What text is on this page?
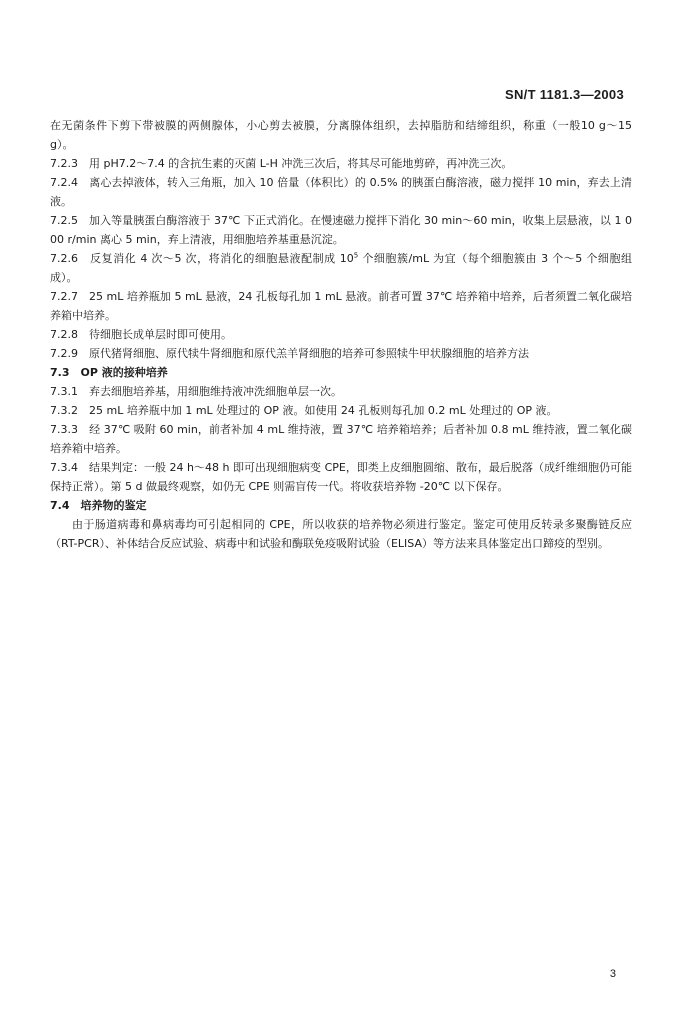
SN/T 1181.3—2003

在无菌条件下剪下带被膜的两侧腺体，小心剪去被膜，分离腺体组织，去掉脂肪和结缔组织，称重（一般10 g～15 g）。

7.2.3　用 pH7.2～7.4 的含抗生素的灭菌 L-H 冲洗三次后，将其尽可能地剪碎，再冲洗三次。

7.2.4　离心去掉液体，转入三角瓶，加入 10 倍量（体积比）的 0.5% 的胰蛋白酶溶液，磁力搅拌 10 min，弃去上清液。

7.2.5　加入等量胰蛋白酶溶液于 37℃ 下正式消化。在慢速磁力搅拌下消化 30 min～60 min，收集上层悬液，以 1 000 r/min 离心 5 min，弃上清液，用细胞培养基重悬沉淀。

7.2.6　反复消化 4 次～5 次，将消化的细胞悬液配制成 $10^5$ 个细胞簇/mL 为宜（每个细胞簇由 3 个～5 个细胞组成）。

7.2.7　25 mL 培养瓶加 5 mL 悬液，24 孔板每孔加 1 mL 悬液。前者可置 37℃ 培养箱中培养，后者须置二氧化碳培养箱中培养。

7.2.8　待细胞长成单层时即可使用。

7.2.9　原代猪肾细胞、原代犊牛肾细胞和原代羔羊肾细胞的培养可参照犊牛甲状腺细胞的培养方法

7.3　OP 液的接种培养

7.3.1　弃去细胞培养基，用细胞维持液冲洗细胞单层一次。

7.3.2　25 mL 培养瓶中加 1 mL 处理过的 OP 液。如使用 24 孔板则每孔加 0.2 mL 处理过的 OP 液。

7.3.3　经 37℃ 吸附 60 min，前者补加 4 mL 维持液，置 37℃ 培养箱培养；后者补加 0.8 mL 维持液，置二氧化碳培养箱中培养。

7.3.4　结果判定：一般 24 h～48 h 即可出现细胞病变 CPE，即类上皮细胞圆缩、散布，最后脱落（成纤维细胞仍可能保持正常）。第 5 d 做最终观察，如仍无 CPE 则需盲传一代。将收获培养物 -20℃ 以下保存。

7.4　培养物的鉴定

由于肠道病毒和鼻病毒均可引起相同的 CPE，所以收获的培养物必须进行鉴定。鉴定可使用反转录多聚酶链反应（RT-PCR）、补体结合反应试验、病毒中和试验和酶联免疫吸附试验（ELISA）等方法来具体鉴定出口蹄疫的型别。

3
